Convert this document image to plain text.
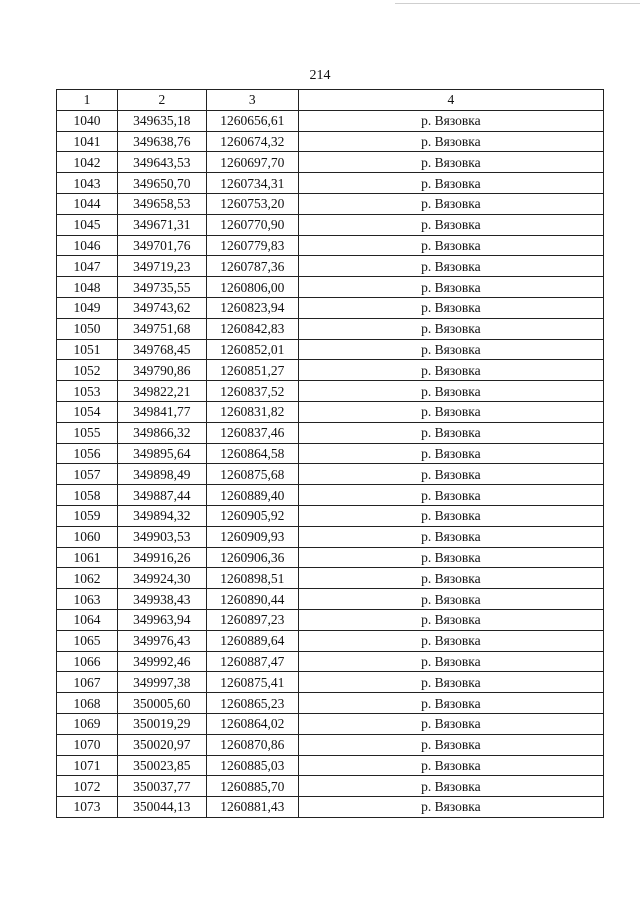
214
1	2	3	4
1040	349635,18	1260656,61	р. Вязовка
1041	349638,76	1260674,32	р. Вязовка
1042	349643,53	1260697,70	р. Вязовка
1043	349650,70	1260734,31	р. Вязовка
1044	349658,53	1260753,20	р. Вязовка
1045	349671,31	1260770,90	р. Вязовка
1046	349701,76	1260779,83	р. Вязовка
1047	349719,23	1260787,36	р. Вязовка
1048	349735,55	1260806,00	р. Вязовка
1049	349743,62	1260823,94	р. Вязовка
1050	349751,68	1260842,83	р. Вязовка
1051	349768,45	1260852,01	р. Вязовка
1052	349790,86	1260851,27	р. Вязовка
1053	349822,21	1260837,52	р. Вязовка
1054	349841,77	1260831,82	р. Вязовка
1055	349866,32	1260837,46	р. Вязовка
1056	349895,64	1260864,58	р. Вязовка
1057	349898,49	1260875,68	р. Вязовка
1058	349887,44	1260889,40	р. Вязовка
1059	349894,32	1260905,92	р. Вязовка
1060	349903,53	1260909,93	р. Вязовка
1061	349916,26	1260906,36	р. Вязовка
1062	349924,30	1260898,51	р. Вязовка
1063	349938,43	1260890,44	р. Вязовка
1064	349963,94	1260897,23	р. Вязовка
1065	349976,43	1260889,64	р. Вязовка
1066	349992,46	1260887,47	р. Вязовка
1067	349997,38	1260875,41	р. Вязовка
1068	350005,60	1260865,23	р. Вязовка
1069	350019,29	1260864,02	р. Вязовка
1070	350020,97	1260870,86	р. Вязовка
1071	350023,85	1260885,03	р. Вязовка
1072	350037,77	1260885,70	р. Вязовка
1073	350044,13	1260881,43	р. Вязовка
